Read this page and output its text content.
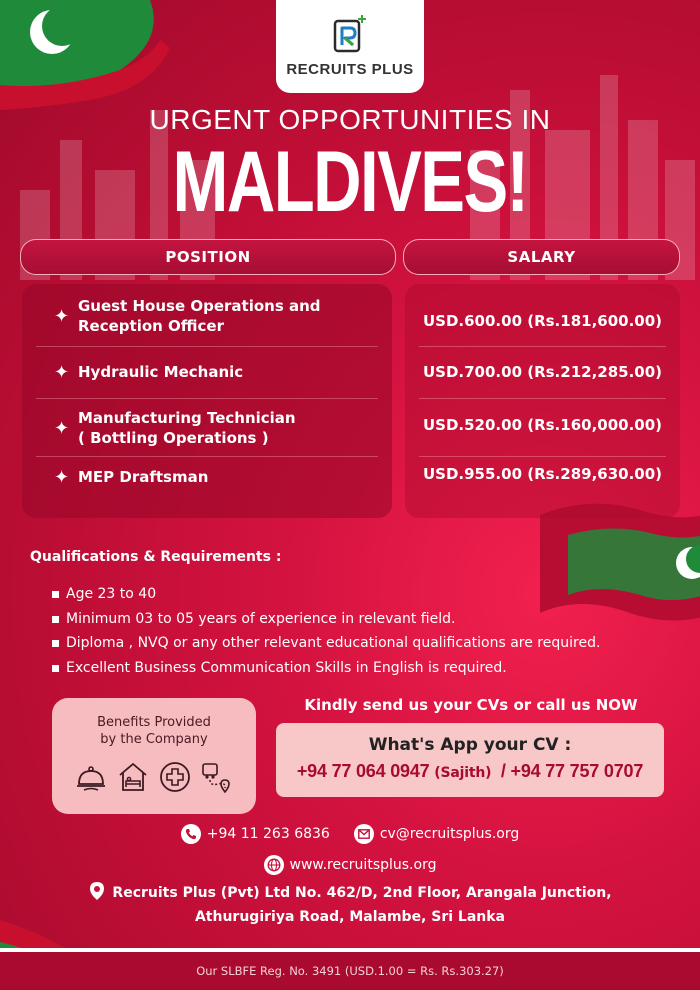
RECRUITS PLUS
URGENT OPPORTUNITIES IN
MALDIVES!
POSITION	SALARY
✦ Guest House Operations and
Reception Officer
✦ Hydraulic Mechanic
✦ Manufacturing Technician
( Bottling Operations )
✦ MEP Draftsman
USD.600.00 (Rs.181,600.00)
USD.700.00 (Rs.212,285.00)
USD.520.00 (Rs.160,000.00)
USD.955.00 (Rs.289,630.00)
Qualifications & Requirements :
Age 23 to 40
Minimum 03 to 05 years of experience in relevant field.
Diploma , NVQ or any other relevant educational qualifications are required.
Excellent Business Communication Skills in English is required.
Benefits Provided
by the Company
Kindly send us your CVs or call us NOW
What's App your CV :
+94 77 064 0947 (Sajith) / +94 77 757 0707
+94 11 263 6836	cv@recruitsplus.org
www.recruitsplus.org
Recruits Plus (Pvt) Ltd No. 462/D, 2nd Floor, Arangala Junction,
Athurugiriya Road, Malambe, Sri Lanka
Our SLBFE Reg. No. 3491 (USD.1.00 = Rs. Rs.303.27)
